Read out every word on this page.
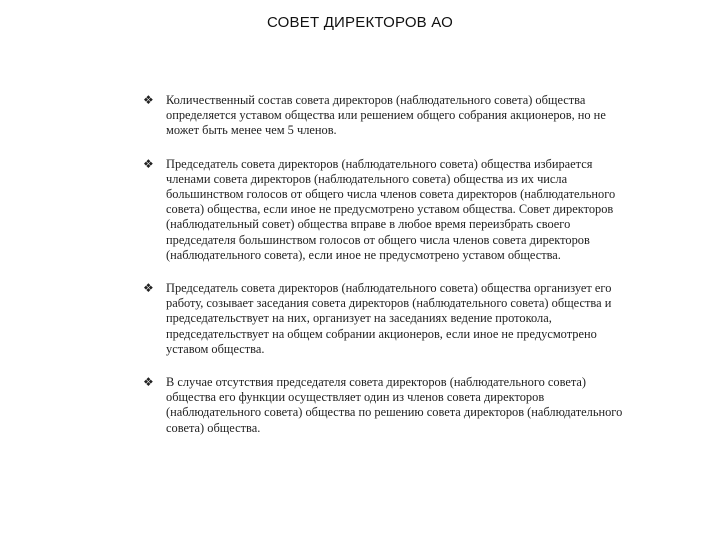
СОВЕТ ДИРЕКТОРОВ АО
❖ Количественный состав совета директоров (наблюдательного совета) общества определяется уставом общества или решением общего собрания акционеров, но не может быть менее чем 5 членов.
❖ Председатель совета директоров (наблюдательного совета) общества избирается членами совета директоров (наблюдательного совета) общества из их числа большинством голосов от общего числа членов совета директоров (наблюдательного совета) общества, если иное не предусмотрено уставом общества. Совет директоров (наблюдательный совет) общества вправе в любое время переизбрать своего председателя большинством голосов от общего числа членов совета директоров (наблюдательного совета), если иное не предусмотрено уставом общества.
❖ Председатель совета директоров (наблюдательного совета) общества организует его работу, созывает заседания совета директоров (наблюдательного совета) общества и председательствует на них, организует на заседаниях ведение протокола, председательствует на общем собрании акционеров, если иное не предусмотрено уставом общества.
❖ В случае отсутствия председателя совета директоров (наблюдательного совета) общества его функции осуществляет один из членов совета директоров (наблюдательного совета) общества по решению совета директоров (наблюдательного совета) общества.
